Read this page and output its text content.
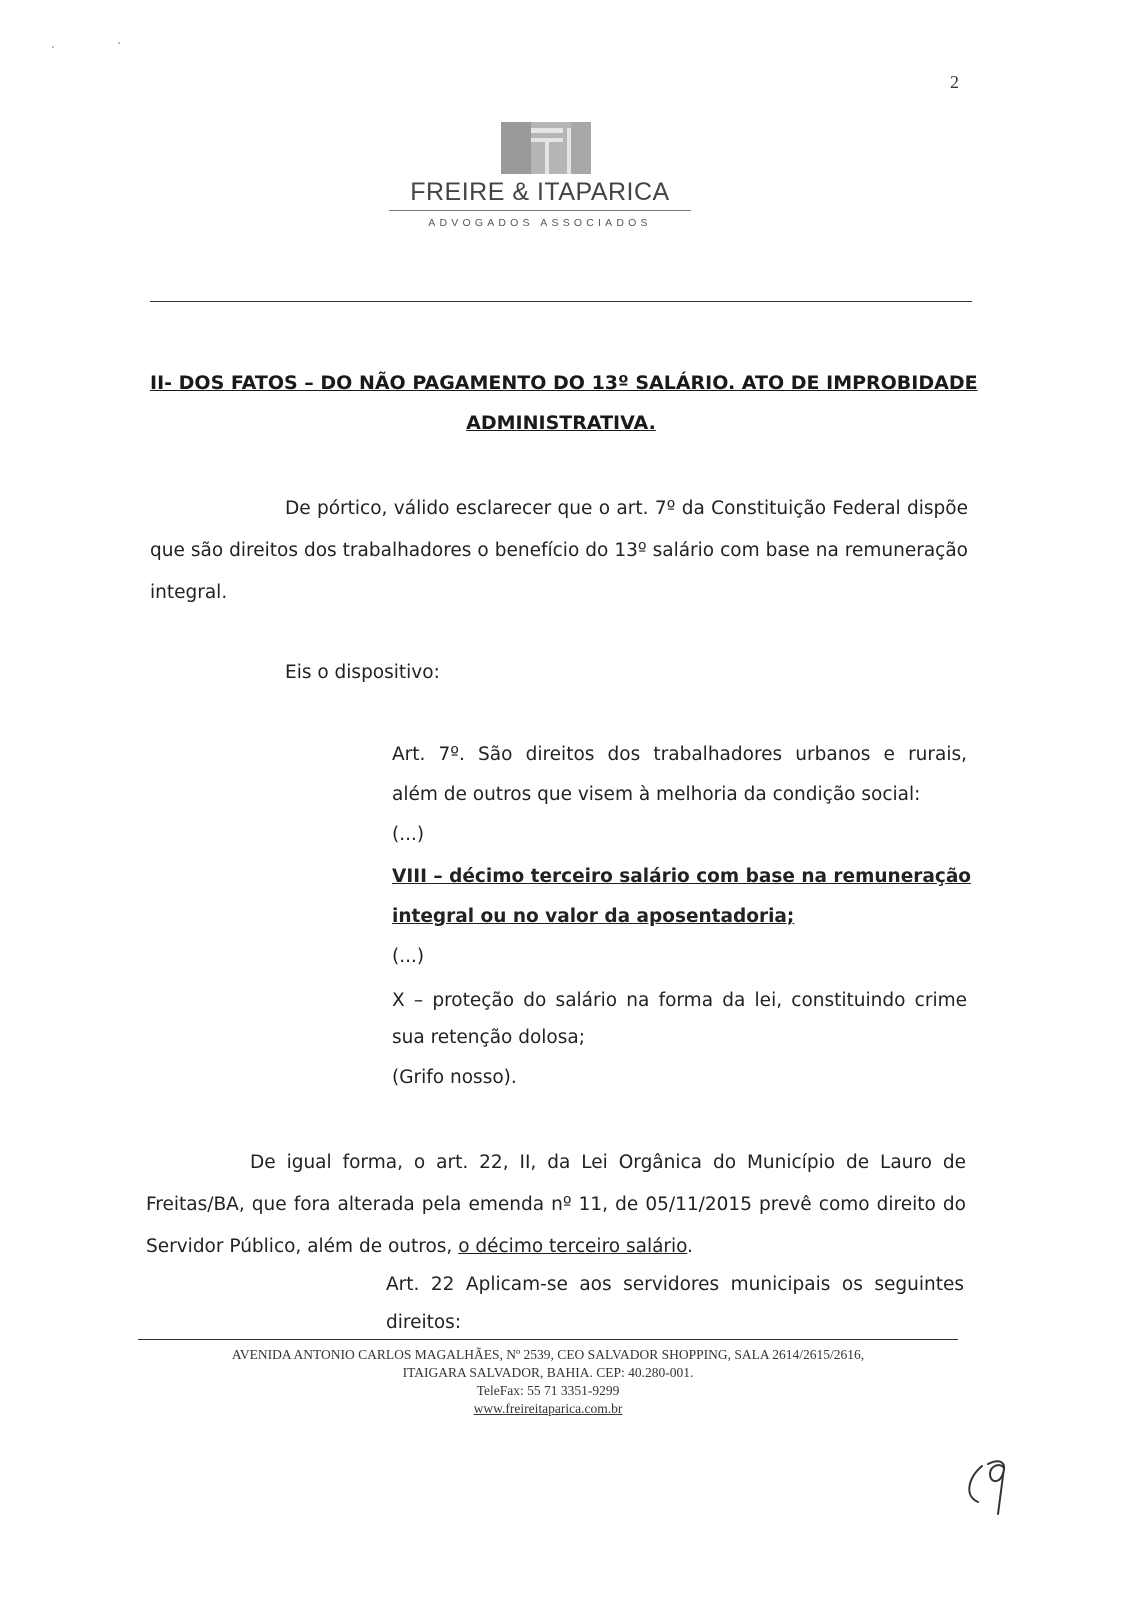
2
FREIRE & ITAPARICA
ADVOGADOS ASSOCIADOS
II- DOS FATOS – DO NÃO PAGAMENTO DO 13º SALÁRIO. ATO DE IMPROBIDADE
ADMINISTRATIVA.

De pórtico, válido esclarecer que o art. 7º da Constituição Federal dispõe que são direitos dos trabalhadores o benefício do 13º salário com base na remuneração integral.

Eis o dispositivo:

Art. 7º. São direitos dos trabalhadores urbanos e rurais,
além de outros que visem à melhoria da condição social:
(...)
VIII – décimo terceiro salário com base na remuneração
integral ou no valor da aposentadoria;
(...)
X – proteção do salário na forma da lei, constituindo crime
sua retenção dolosa;
(Grifo nosso).

De igual forma, o art. 22, II, da Lei Orgânica do Município de Lauro de Freitas/BA, que fora alterada pela emenda nº 11, de 05/11/2015 prevê como direito do Servidor Público, além de outros, o décimo terceiro salário.

Art. 22 Aplicam-se aos servidores municipais os seguintes
direitos:
AVENIDA ANTONIO CARLOS MAGALHÃES, Nº 2539, CEO SALVADOR SHOPPING, SALA 2614/2615/2616,
ITAIGARA SALVADOR, BAHIA. CEP: 40.280-001.
TeleFax: 55 71 3351-9299
www.freireitaparica.com.br
